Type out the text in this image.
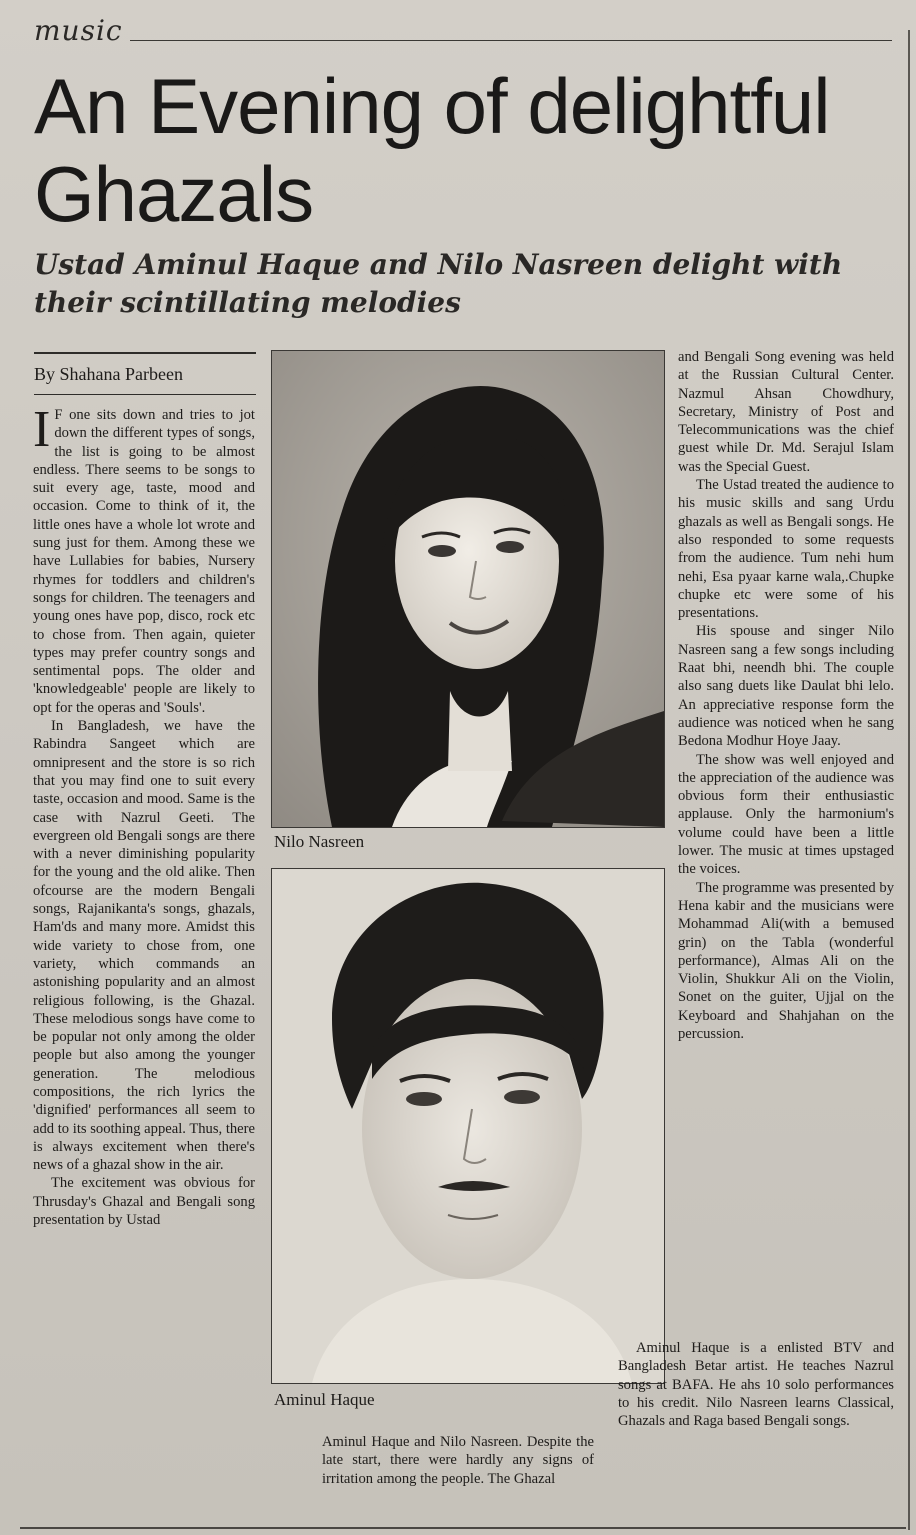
music
An Evening of delightful Ghazals
Ustad Aminul Haque and Nilo Nasreen delight with their scintillating melodies
By Shahana Parbeen

I F one sits down and tries to jot down the different types of songs, the list is going to be almost endless. There seems to be songs to suit every age, taste, mood and occasion. Come to think of it, the little ones have a whole lot wrote and sung just for them. Among these we have Lullabies for babies, Nursery rhymes for toddlers and children's songs for children. The teenagers and young ones have pop, disco, rock etc to chose from. Then again, quieter types may prefer country songs and sentimental pops. The older and 'knowledgeable' people are likely to opt for the operas and 'Souls'.

In Bangladesh, we have the Rabindra Sangeet which are omnipresent and the store is so rich that you may find one to suit every taste, occasion and mood. Same is the case with Nazrul Geeti. The evergreen old Bengali songs are there with a never diminishing popularity for the young and the old alike. Then ofcourse are the modern Bengali songs, Rajanikanta's songs, ghazals, Ham'ds and many more. Amidst this wide variety to chose from, one variety, which commands an astonishing popularity and an almost religious following, is the Ghazal. These melodious songs have come to be popular not only among the older people but also among the younger generation. The melodious compositions, the rich lyrics the 'dignified' performances all seem to add to its soothing appeal. Thus, there is always excitement when there's news of a ghazal show in the air.

The excitement was obvious for Thrusday's Ghazal and Bengali song presentation by Ustad

Nilo Nasreen
Aminul Haque

Aminul Haque and Nilo Nasreen. Despite the late start, there were hardly any signs of irritation among the people. The Ghazal

and Bengali Song evening was held at the Russian Cultural Center. Nazmul Ahsan Chowdhury, Secretary, Ministry of Post and Telecommunications was the chief guest while Dr. Md. Serajul Islam was the Special Guest.

The Ustad treated the audience to his music skills and sang Urdu ghazals as well as Bengali songs. He also responded to some requests from the audience. Tum nehi hum nehi, Esa pyaar karne wala,.Chupke chupke etc were some of his presentations.

His spouse and singer Nilo Nasreen sang a few songs including Raat bhi, neendh bhi. The couple also sang duets like Daulat bhi lelo. An appreciative response form the audience was noticed when he sang Bedona Modhur Hoye Jaay.

The show was well enjoyed and the appreciation of the audience was obvious form their enthusiastic applause. Only the harmonium's volume could have been a little lower. The music at times upstaged the voices.

The programme was presented by Hena kabir and the musicians were Mohammad Ali(with a bemused grin) on the Tabla (wonderful performance), Almas Ali on the Violin, Shukkur Ali on the Violin, Sonet on the guiter, Ujjal on the Keyboard and Shahjahan on the percussion.

Aminul Haque is a enlisted BTV and Bangladesh Betar artist. He teaches Nazrul songs at BAFA. He ahs 10 solo performances to his credit. Nilo Nasreen learns Classical, Ghazals and Raga based Bengali songs.
